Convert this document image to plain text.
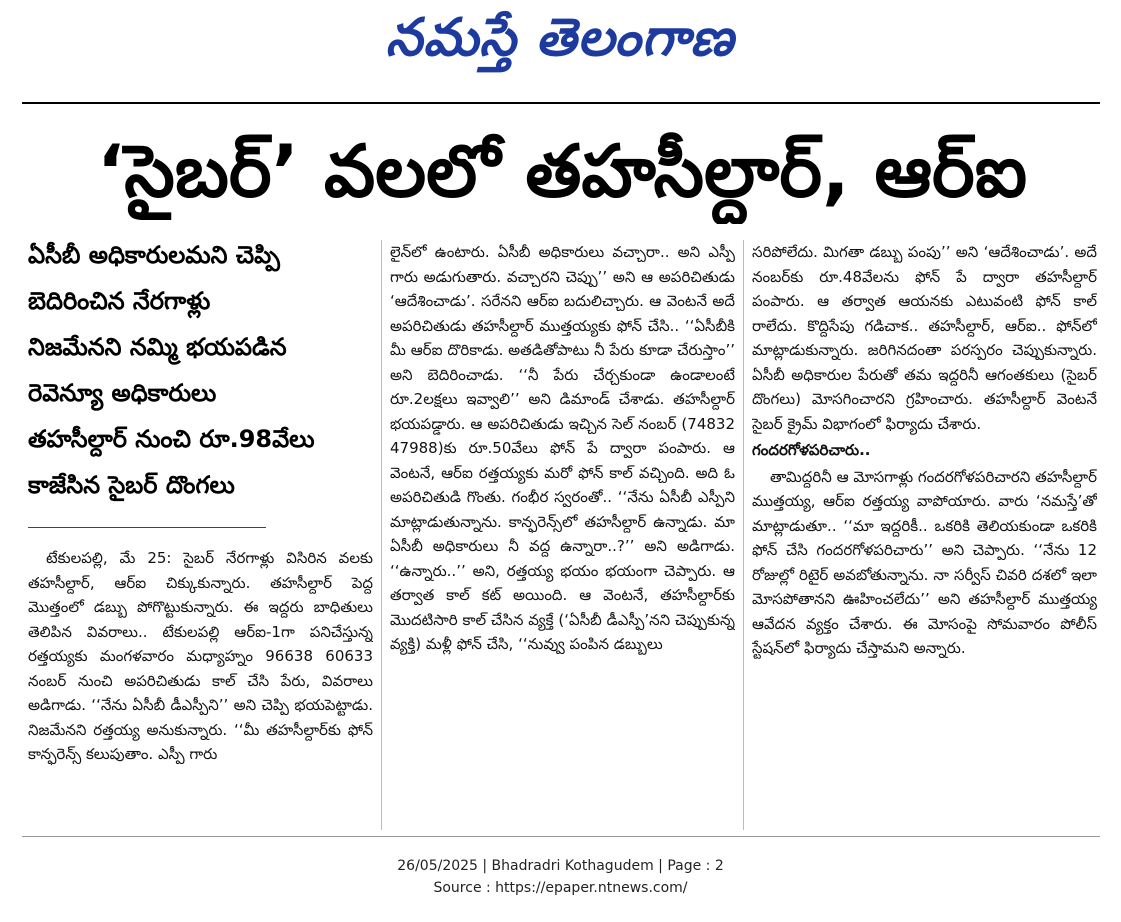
నమస్తే తెలంగాణ
‘సైబర్’ వలలో తహసీల్దార్, ఆర్ఐ
ఏసీబీ అధికారులమని చెప్పి
బెదిరించిన నేరగాళ్లు
నిజమేనని నమ్మి భయపడిన
రెవెన్యూ అధికారులు
తహసీల్దార్ నుంచి రూ.98వేలు
కాజేసిన సైబర్ దొంగలు

టేకులపల్లి, మే 25: సైబర్ నేరగాళ్లు విసిరిన వలకు తహసీల్దార్, ఆర్ఐ చిక్కుకున్నారు. తహసీల్దార్ పెద్ద మొత్తంలో డబ్బు పోగొట్టుకున్నారు. ఈ ఇద్దరు బాధితులు తెలిపిన వివరాలు.. టేకులపల్లి ఆర్ఐ-1గా పనిచేస్తున్న రత్తయ్యకు మంగళవారం మధ్యాహ్నం 96638 60633 నంబర్ నుంచి అపరిచితుడు కాల్ చేసి పేరు, వివరాలు అడిగాడు. ‘‘నేను ఏసీబీ డీఎస్పీని’’ అని చెప్పి భయపెట్టాడు. నిజమేనని రత్తయ్య అనుకున్నారు. ‘‘మీ తహసీల్దార్‌కు ఫోన్ కాన్ఫరెన్స్ కలుపుతాం. ఎస్పీ గారు

లైన్‌లో ఉంటారు. ఏసీబీ అధికారులు వచ్చారా.. అని ఎస్పీ గారు అడుగుతారు. వచ్చారని చెప్పు’’ అని ఆ అపరిచితుడు ‘ఆదేశించాడు’. సరేనని ఆర్ఐ బదులిచ్చారు. ఆ వెంటనే అదే అపరిచితుడు తహసీల్దార్ ముత్తయ్యకు ఫోన్ చేసి.. ‘‘ఏసీబీకి మీ ఆర్ఐ దొరికాడు. అతడితోపాటు నీ పేరు కూడా చేరుస్తాం’’ అని బెదిరించాడు. ‘‘నీ పేరు చేర్చకుండా ఉండాలంటే రూ.2లక్షలు ఇవ్వాలి’’ అని డిమాండ్ చేశాడు. తహసీల్దార్ భయపడ్డారు. ఆ అపరిచితుడు ఇచ్చిన సెల్ నంబర్ (74832 47988)కు రూ.50వేలు ఫోన్ పే ద్వారా పంపారు. ఆ వెంటనే, ఆర్ఐ రత్తయ్యకు మరో ఫోన్ కాల్ వచ్చింది. అది ఓ అపరిచితుడి గొంతు. గంభీర స్వరంతో.. ‘‘నేను ఏసీబీ ఎస్పీని మాట్లాడుతున్నాను. కాన్ఫరెన్స్‌లో తహసీల్దార్ ఉన్నాడు. మా ఏసీబీ అధికారులు నీ వద్ద ఉన్నారా..?’’ అని అడిగాడు. ‘‘ఉన్నారు..’’ అని, రత్తయ్య భయం భయంగా చెప్పారు. ఆ తర్వాత కాల్ కట్ అయింది. ఆ వెంటనే, తహసీల్దార్‌కు మొదటిసారి కాల్ చేసిన వ్యక్తే (‘ఏసీబీ డీఎస్పీ’నని చెప్పుకున్న వ్యక్తి) మళ్లీ ఫోన్ చేసి, ‘‘నువ్వు పంపిన డబ్బులు

సరిపోలేదు. మిగతా డబ్బు పంపు’’ అని ‘ఆదేశించాడు’. అదే నంబర్‌కు రూ.48వేలను ఫోన్ పే ద్వారా తహసీల్దార్ పంపారు. ఆ తర్వాత ఆయనకు ఎటువంటి ఫోన్ కాల్ రాలేదు. కొద్దిసేపు గడిచాక.. తహసీల్దార్, ఆర్ఐ.. ఫోన్‌లో మాట్లాడుకున్నారు. జరిగినదంతా పరస్పరం చెప్పుకున్నారు. ఏసీబీ అధికారుల పేరుతో తమ ఇద్దరినీ ఆగంతకులు (సైబర్ దొంగలు) మోసగించారని గ్రహించారు. తహసీల్దార్ వెంటనే సైబర్ క్రైమ్ విభాగంలో ఫిర్యాదు చేశారు.

గందరగోళపరిచారు..

తామిద్దరినీ ఆ మోసగాళ్లు గందరగోళపరిచారని తహసీల్దార్ ముత్తయ్య, ఆర్ఐ రత్తయ్య వాపోయారు. వారు ‘నమస్తే’తో మాట్లాడుతూ.. ‘‘మా ఇద్దరికీ.. ఒకరికి తెలియకుండా ఒకరికి ఫోన్ చేసి గందరగోళపరిచారు’’ అని చెప్పారు. ‘‘నేను 12 రోజుల్లో రిటైర్ అవబోతున్నాను. నా సర్వీస్ చివరి దశలో ఇలా మోసపోతానని ఊహించలేదు’’ అని తహసీల్దార్ ముత్తయ్య ఆవేదన వ్యక్తం చేశారు. ఈ మోసంపై సోమవారం పోలీస్ స్టేషన్‌లో ఫిర్యాదు చేస్తామని అన్నారు.

26/05/2025 | Bhadradri Kothagudem | Page : 2
Source : https://epaper.ntnews.com/
